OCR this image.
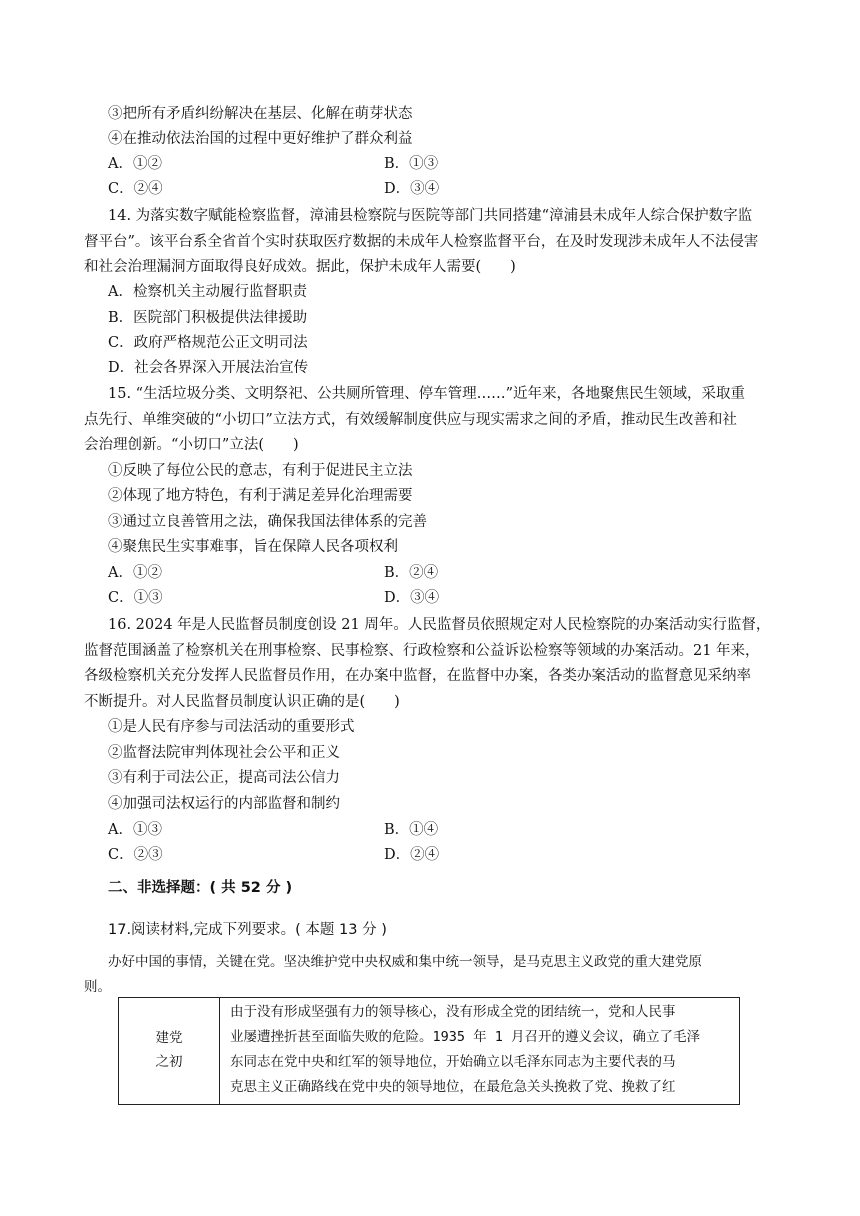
③把所有矛盾纠纷解决在基层、化解在萌芽状态
④在推动依法治国的过程中更好维护了群众利益
A．①②	B．①③
C．②④	D．③④
14. 为落实数字赋能检察监督，漳浦县检察院与医院等部门共同搭建“漳浦县未成年人综合保护数字监
督平台”。该平台系全省首个实时获取医疗数据的未成年人检察监督平台，在及时发现涉未成年人不法侵害
和社会治理漏洞方面取得良好成效。据此，保护未成年人需要(　　)
A．检察机关主动履行监督职责
B．医院部门积极提供法律援助
C．政府严格规范公正文明司法
D．社会各界深入开展法治宣传
15. “生活垃圾分类、文明祭祀、公共厕所管理、停车管理……”近年来，各地聚焦民生领域，采取重
点先行、单维突破的“小切口”立法方式，有效缓解制度供应与现实需求之间的矛盾，推动民生改善和社
会治理创新。“小切口”立法(　　)
①反映了每位公民的意志，有利于促进民主立法
②体现了地方特色，有利于满足差异化治理需要
③通过立良善管用之法，确保我国法律体系的完善
④聚焦民生实事难事，旨在保障人民各项权利
A．①②	B．②④
C．①③	D．③④
16. 2024 年是人民监督员制度创设 21 周年。人民监督员依照规定对人民检察院的办案活动实行监督，
监督范围涵盖了检察机关在刑事检察、民事检察、行政检察和公益诉讼检察等领域的办案活动。21 年来，
各级检察机关充分发挥人民监督员作用，在办案中监督，在监督中办案，各类办案活动的监督意见采纳率
不断提升。对人民监督员制度认识正确的是(　　)
①是人民有序参与司法活动的重要形式
②监督法院审判体现社会公平和正义
③有利于司法公正，提高司法公信力
④加强司法权运行的内部监督和制约
A．①③	B．①④
C．②③	D．②④
二、非选择题：( 共 52 分 )
17.阅读材料,完成下列要求。( 本题 13 分 )
办好中国的事情，关键在党。坚决维护党中央权威和集中统一领导，是马克思主义政党的重大建党原
则。
建党
之初

由于没有形成坚强有力的领导核心，没有形成全党的团结统一，党和人民事
业屡遭挫折甚至面临失败的危险。1935 年 1 月召开的遵义会议，确立了毛泽
东同志在党中央和红军的领导地位，开始确立以毛泽东同志为主要代表的马
克思主义正确路线在党中央的领导地位，在最危急关头挽救了党、挽救了红
